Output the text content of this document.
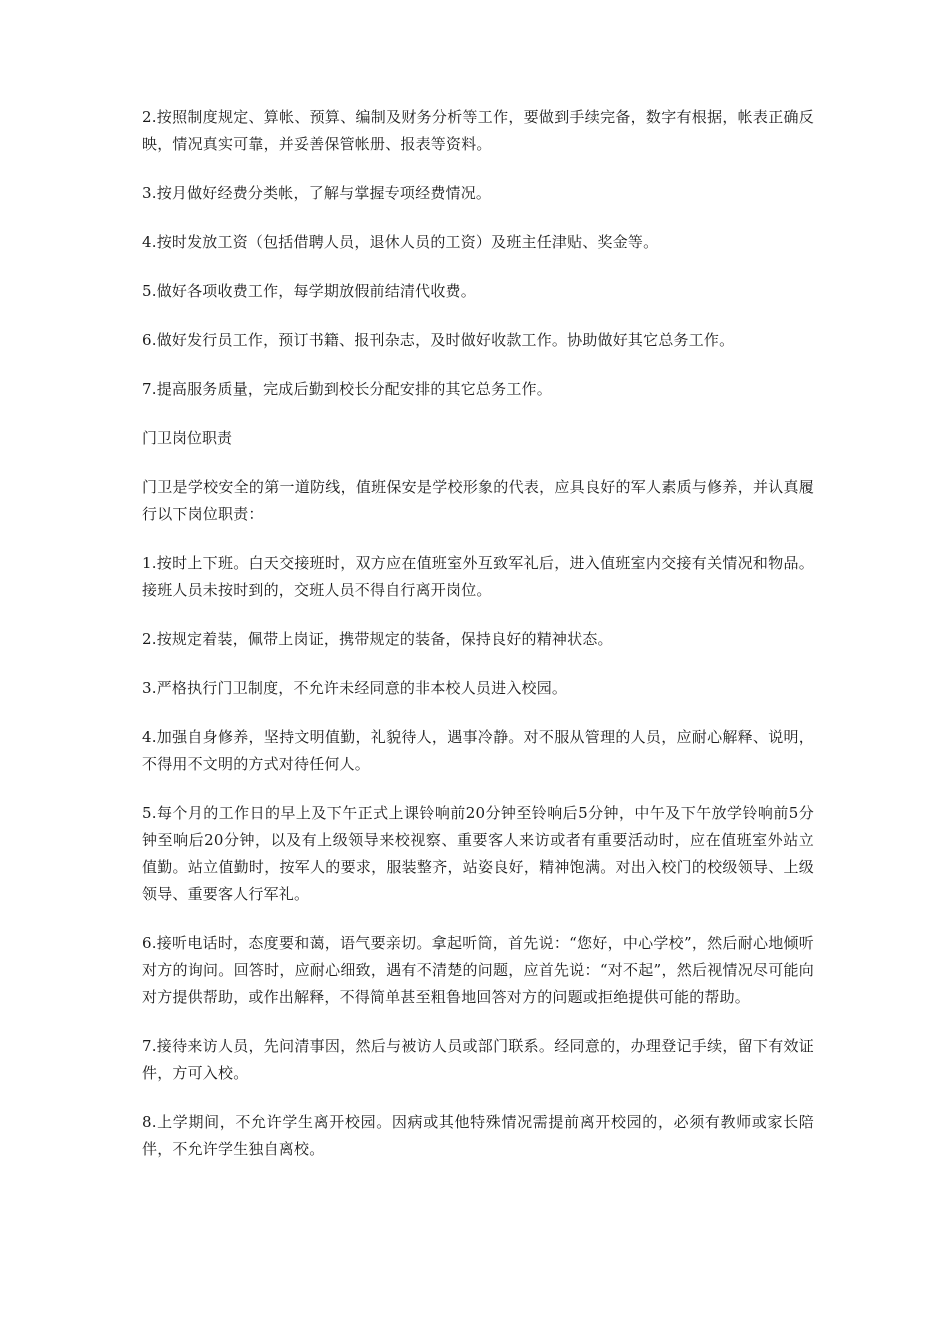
2.按照制度规定、算帐、预算、编制及财务分析等工作，要做到手续完备，数字有根据，帐表正确反映，情况真实可靠，并妥善保管帐册、报表等资料。

3.按月做好经费分类帐，了解与掌握专项经费情况。

4.按时发放工资（包括借聘人员，退休人员的工资）及班主任津贴、奖金等。

5.做好各项收费工作，每学期放假前结清代收费。

6.做好发行员工作，预订书籍、报刊杂志，及时做好收款工作。协助做好其它总务工作。

7.提高服务质量，完成后勤到校长分配安排的其它总务工作。

门卫岗位职责

门卫是学校安全的第一道防线，值班保安是学校形象的代表，应具良好的军人素质与修养，并认真履行以下岗位职责：

1.按时上下班。白天交接班时，双方应在值班室外互致军礼后，进入值班室内交接有关情况和物品。接班人员未按时到的，交班人员不得自行离开岗位。

2.按规定着装，佩带上岗证，携带规定的装备，保持良好的精神状态。

3.严格执行门卫制度，不允许未经同意的非本校人员进入校园。

4.加强自身修养，坚持文明值勤，礼貌待人，遇事冷静。对不服从管理的人员，应耐心解释、说明，不得用不文明的方式对待任何人。

5.每个月的工作日的早上及下午正式上课铃响前20分钟至铃响后5分钟，中午及下午放学铃响前5分钟至响后20分钟，以及有上级领导来校视察、重要客人来访或者有重要活动时，应在值班室外站立值勤。站立值勤时，按军人的要求，服装整齐，站姿良好，精神饱满。对出入校门的校级领导、上级领导、重要客人行军礼。

6.接听电话时，态度要和蔼，语气要亲切。拿起听筒，首先说：“您好，中心学校”，然后耐心地倾听对方的询问。回答时，应耐心细致，遇有不清楚的问题，应首先说：“对不起”，然后视情况尽可能向对方提供帮助，或作出解释，不得简单甚至粗鲁地回答对方的问题或拒绝提供可能的帮助。

7.接待来访人员，先问清事因，然后与被访人员或部门联系。经同意的，办理登记手续，留下有效证件，方可入校。

8.上学期间，不允许学生离开校园。因病或其他特殊情况需提前离开校园的，必须有教师或家长陪伴，不允许学生独自离校。
